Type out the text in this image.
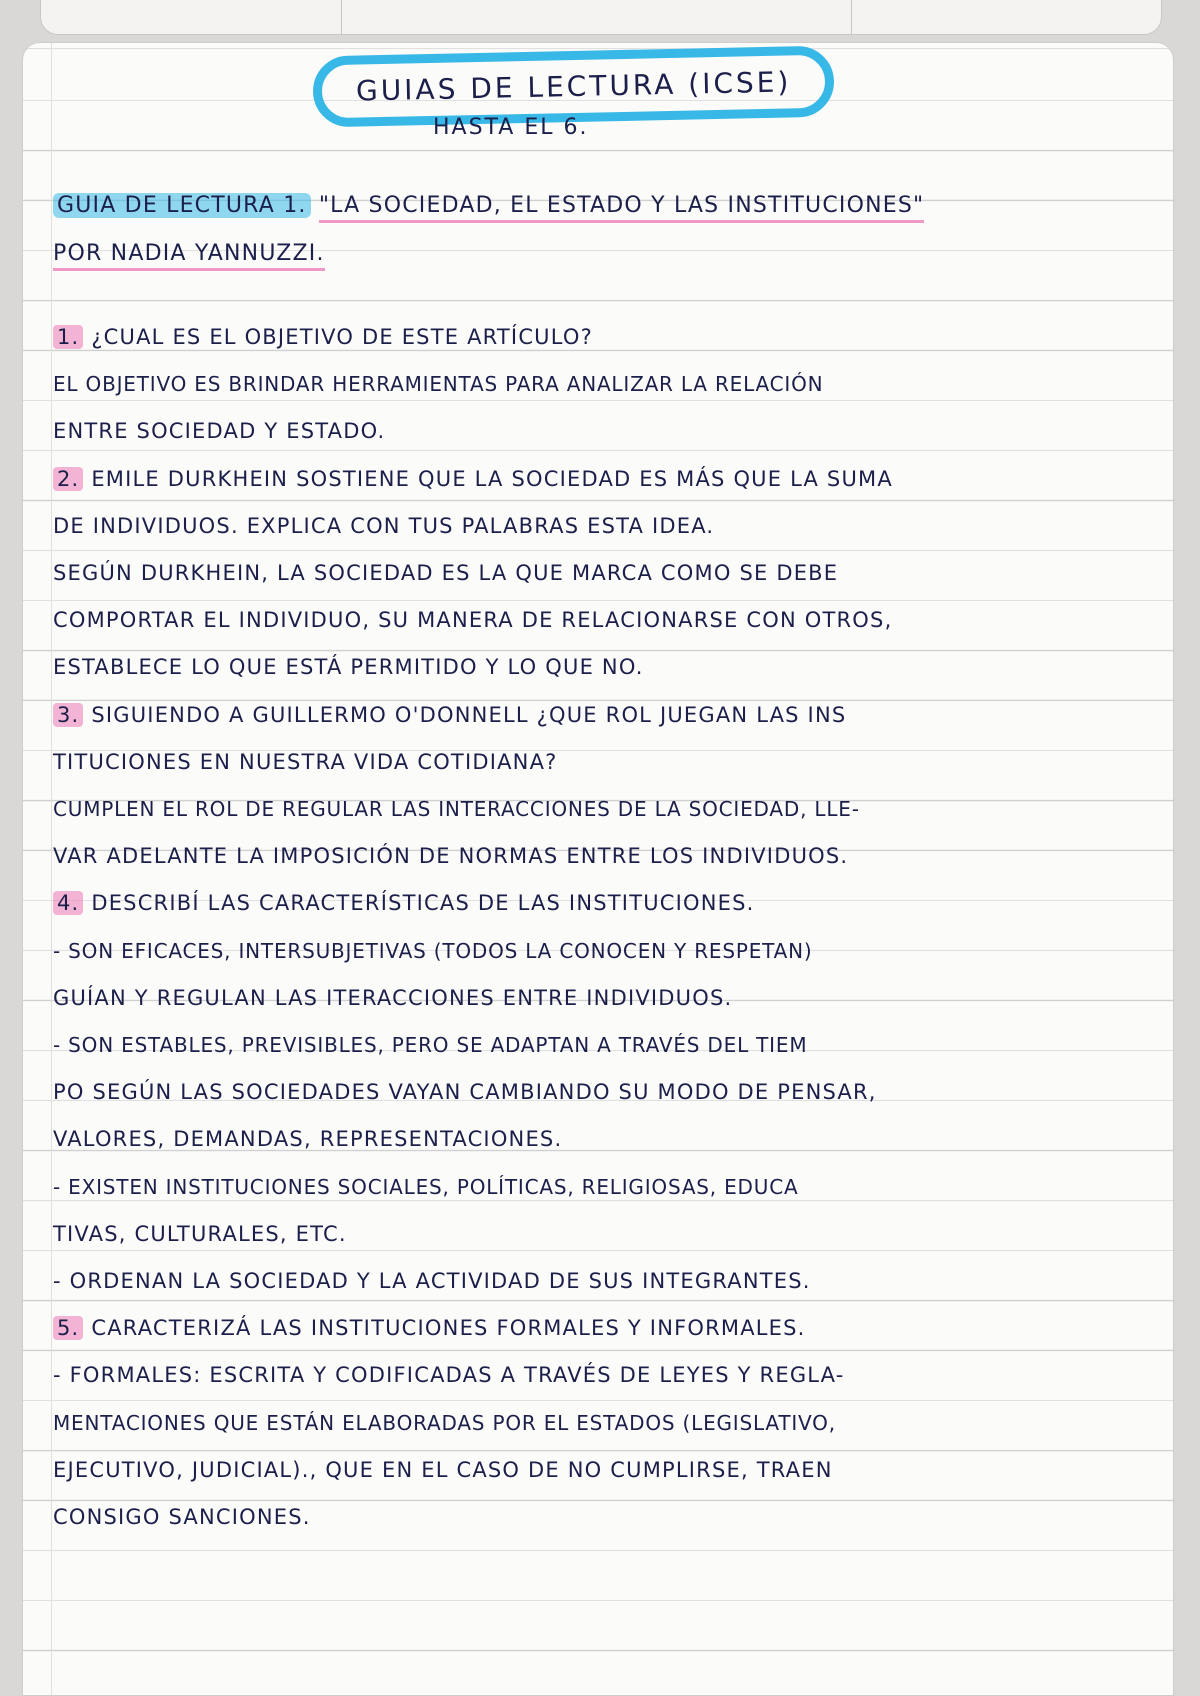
GUIAS DE LECTURA (ICSE)
HASTA EL 6.
GUIA DE LECTURA 1. "LA SOCIEDAD, EL ESTADO Y LAS INSTITUCIONES"
POR NADIA YANNUZZI.
1. ¿CUAL ES EL OBJETIVO DE ESTE ARTÍCULO?
EL OBJETIVO ES BRINDAR HERRAMIENTAS PARA ANALIZAR LA RELACIÓN
ENTRE SOCIEDAD Y ESTADO.
2. EMILE DURKHEIN SOSTIENE QUE LA SOCIEDAD ES MÁS QUE LA SUMA
DE INDIVIDUOS. EXPLICA CON TUS PALABRAS ESTA IDEA.
SEGÚN DURKHEIN, LA SOCIEDAD ES LA QUE MARCA COMO SE DEBE
COMPORTAR EL INDIVIDUO, SU MANERA DE RELACIONARSE CON OTROS,
ESTABLECE LO QUE ESTÁ PERMITIDO Y LO QUE NO.
3. SIGUIENDO A GUILLERMO O'DONNELL ¿QUE ROL JUEGAN LAS INS
TITUCIONES EN NUESTRA VIDA COTIDIANA?
CUMPLEN EL ROL DE REGULAR LAS INTERACCIONES DE LA SOCIEDAD, LLE-
VAR ADELANTE LA IMPOSICIÓN DE NORMAS ENTRE LOS INDIVIDUOS.
4. DESCRIBÍ LAS CARACTERÍSTICAS DE LAS INSTITUCIONES.
- SON EFICACES, INTERSUBJETIVAS (TODOS LA CONOCEN Y RESPETAN)
GUÍAN Y REGULAN LAS ITERACCIONES ENTRE INDIVIDUOS.
- SON ESTABLES, PREVISIBLES, PERO SE ADAPTAN A TRAVÉS DEL TIEM
PO SEGÚN LAS SOCIEDADES VAYAN CAMBIANDO SU MODO DE PENSAR,
VALORES, DEMANDAS, REPRESENTACIONES.
- EXISTEN INSTITUCIONES SOCIALES, POLÍTICAS, RELIGIOSAS, EDUCA
TIVAS, CULTURALES, ETC.
- ORDENAN LA SOCIEDAD Y LA ACTIVIDAD DE SUS INTEGRANTES.
5. CARACTERIZÁ LAS INSTITUCIONES FORMALES Y INFORMALES.
- FORMALES: ESCRITA Y CODIFICADAS A TRAVÉS DE LEYES Y REGLA-
MENTACIONES QUE ESTÁN ELABORADAS POR EL ESTADOS (LEGISLATIVO,
EJECUTIVO, JUDICIAL)., QUE EN EL CASO DE NO CUMPLIRSE, TRAEN
CONSIGO SANCIONES.
